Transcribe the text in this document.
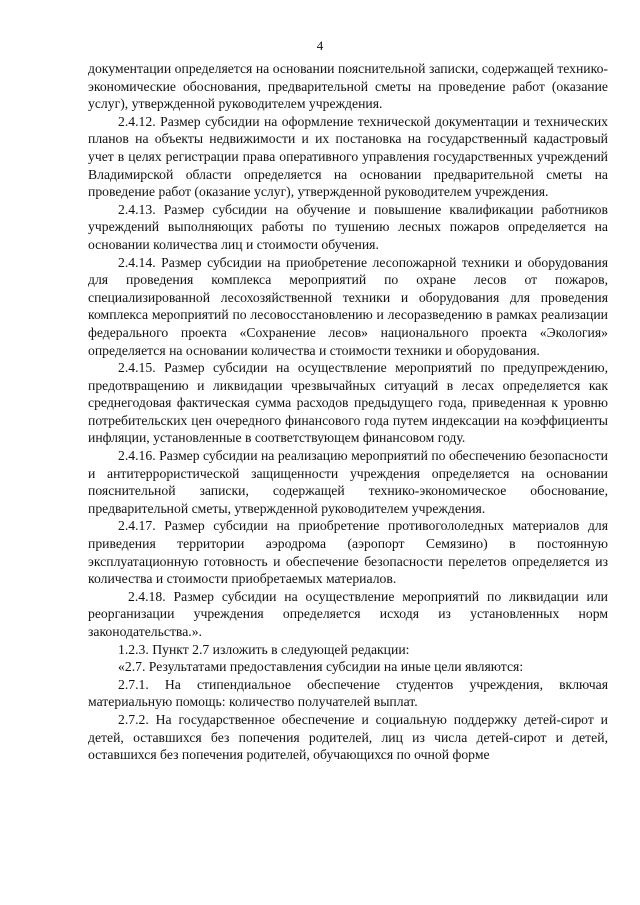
4

документации определяется на основании пояснительной записки, содержащей технико-экономические обоснования, предварительной сметы на проведение работ (оказание услуг), утвержденной руководителем учреждения.

2.4.12. Размер субсидии на оформление технической документации и технических планов на объекты недвижимости и их постановка на государственный кадастровый учет в целях регистрации права оперативного управления государственных учреждений Владимирской области определяется на основании предварительной сметы на проведение работ (оказание услуг), утвержденной руководителем учреждения.

2.4.13. Размер субсидии на обучение и повышение квалификации работников учреждений выполняющих работы по тушению лесных пожаров определяется на основании количества лиц и стоимости обучения.

2.4.14. Размер субсидии на приобретение лесопожарной техники и оборудования для проведения комплекса мероприятий по охране лесов от пожаров, специализированной лесохозяйственной техники и оборудования для проведения комплекса мероприятий по лесовосстановлению и лесоразведению в рамках реализации федерального проекта «Сохранение лесов» национального проекта «Экология» определяется на основании количества и стоимости техники и оборудования.

2.4.15. Размер субсидии на осуществление мероприятий по предупреждению, предотвращению и ликвидации чрезвычайных ситуаций в лесах определяется как среднегодовая фактическая сумма расходов предыдущего года, приведенная к уровню потребительских цен очередного финансового года путем индексации на коэффициенты инфляции, установленные в соответствующем финансовом году.

2.4.16. Размер субсидии на реализацию мероприятий по обеспечению безопасности и антитеррористической защищенности учреждения определяется на основании пояснительной записки, содержащей технико-экономическое обоснование, предварительной сметы, утвержденной руководителем учреждения.

2.4.17. Размер субсидии на приобретение противогололедных материалов для приведения территории аэродрома (аэропорт Семязино) в постоянную эксплуатационную готовность и обеспечение безопасности перелетов определяется из количества и стоимости приобретаемых материалов.

2.4.18. Размер субсидии на осуществление мероприятий по ликвидации или реорганизации учреждения определяется исходя из установленных норм законодательства.».

1.2.3. Пункт 2.7 изложить в следующей редакции:

«2.7. Результатами предоставления субсидии на иные цели являются:

2.7.1. На стипендиальное обеспечение студентов учреждения, включая материальную помощь: количество получателей выплат.

2.7.2. На государственное обеспечение и социальную поддержку детей-сирот и детей, оставшихся без попечения родителей, лиц из числа детей-сирот и детей, оставшихся без попечения родителей, обучающихся по очной форме
